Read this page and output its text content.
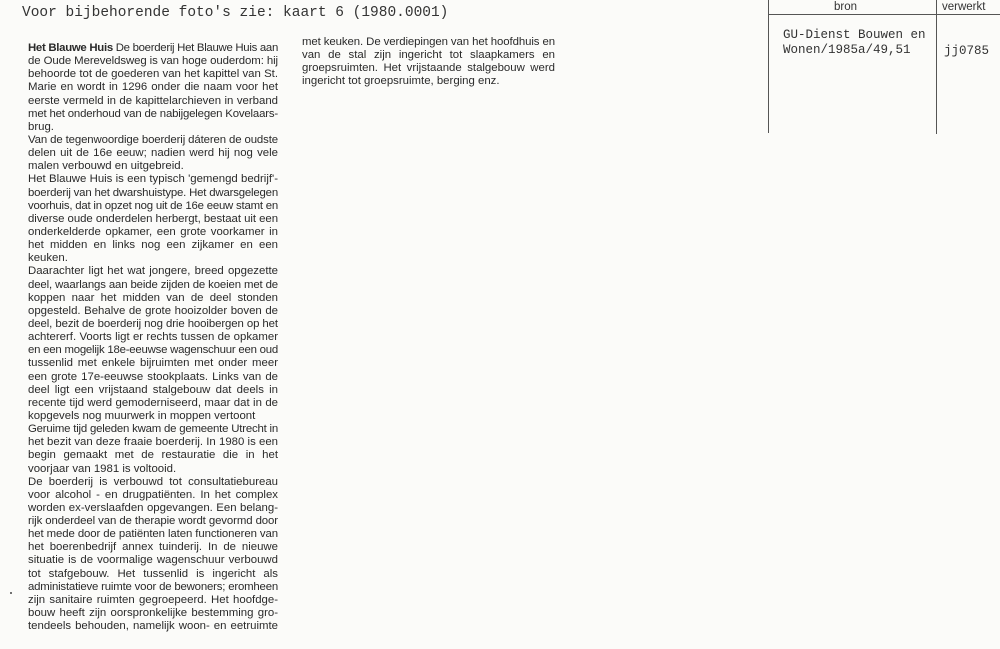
Voor bijbehorende foto's zie: kaart 6 (1980.0001)
Het Blauwe Huis De boerderij Het Blauwe Huis aan
de Oude Mereveldsweg is van hoge ouderdom: hij
behoorde tot de goederen van het kapittel van St.
Marie en wordt in 1296 onder die naam voor het
eerste vermeld in de kapittelarchieven in verband
met het onderhoud van de nabijgelegen Kovelaars-
brug.
Van de tegenwoordige boerderij dáteren de oudste
delen uit de 16e eeuw; nadien werd hij nog vele
malen verbouwd en uitgebreid.
Het Blauwe Huis is een typisch 'gemengd bedrijf'-
boerderij van het dwarshuistype. Het dwarsgelegen
voorhuis, dat in opzet nog uit de 16e eeuw stamt en
diverse oude onderdelen herbergt, bestaat uit een
onderkelderde opkamer, een grote voorkamer in
het midden en links nog een zijkamer en een
keuken.
Daarachter ligt het wat jongere, breed opgezette
deel, waarlangs aan beide zijden de koeien met de
koppen naar het midden van de deel stonden
opgesteld. Behalve de grote hooizolder boven de
deel, bezit de boerderij nog drie hooibergen op het
achtererf. Voorts ligt er rechts tussen de opkamer
en een mogelijk 18e-eeuwse wagenschuur een oud
tussenlid met enkele bijruimten met onder meer
een grote 17e-eeuwse stookplaats. Links van de
deel ligt een vrijstaand stalgebouw dat deels in
recente tijd werd gemoderniseerd, maar dat in de
kopgevels nog muurwerk in moppen vertoont
Geruime tijd geleden kwam de gemeente Utrecht in
het bezit van deze fraaie boerderij. In 1980 is een
begin gemaakt met de restauratie die in het
voorjaar van 1981 is voltooid.
De boerderij is verbouwd tot consultatiebureau
voor alcohol - en drugpatiënten. In het complex
worden ex-verslaafden opgevangen. Een belang-
rijk onderdeel van de therapie wordt gevormd door
het mede door de patiënten laten functioneren van
het boerenbedrijf annex tuinderij. In de nieuwe
situatie is de voormalige wagenschuur verbouwd
tot stafgebouw. Het tussenlid is ingericht als
administatieve ruimte voor de bewoners; eromheen
zijn sanitaire ruimten gegroepeerd. Het hoofdge-
bouw heeft zijn oorspronkelijke bestemming gro-
tendeels behouden, namelijk woon- en eetruimte
met keuken. De verdiepingen van het hoofdhuis en
van de stal zijn ingericht tot slaapkamers en
groepsruimten. Het vrijstaande stalgebouw werd
ingericht tot groepsruimte, berging enz.
bron	verwerkt
GU-Dienst Bouwen en
Wonen/1985a/49,51	jj0785
